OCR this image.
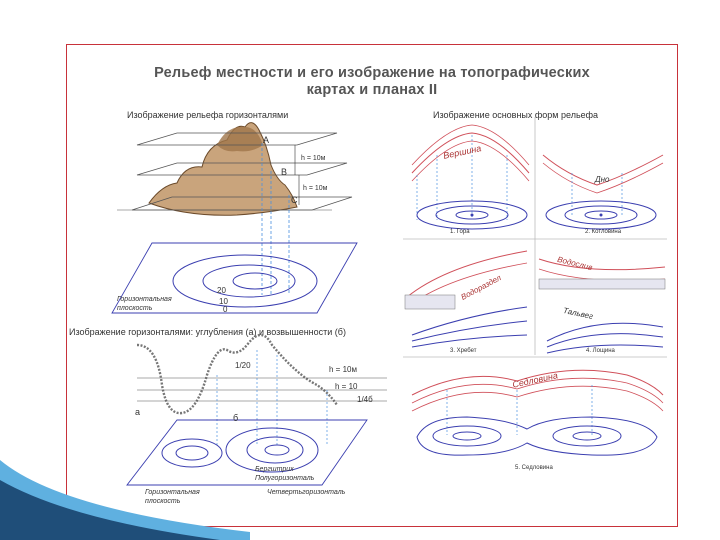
Рельеф местности и его изображение на топографических
картах и планах II
Изображение рельефа горизонталями	Изображение основных форм рельефа
Изображение горизонталями: углубления (а) и возвышенности (б)
A
B
C
h = 10м
h = 10м
20
10
0
Горизонтальная плоскость
Вершина
1. Гора
Дно
2. Котловина
Водораздел
3. Хребет
Водослив
Тальвег
4. Лощина
Седловина
5. Седловина
1/20	h = 10м
h = 10
1/4б
а
б
Бергштрих
Полугоризонталь
Четвертьгоризонталь
Горизонтальная плоскость
